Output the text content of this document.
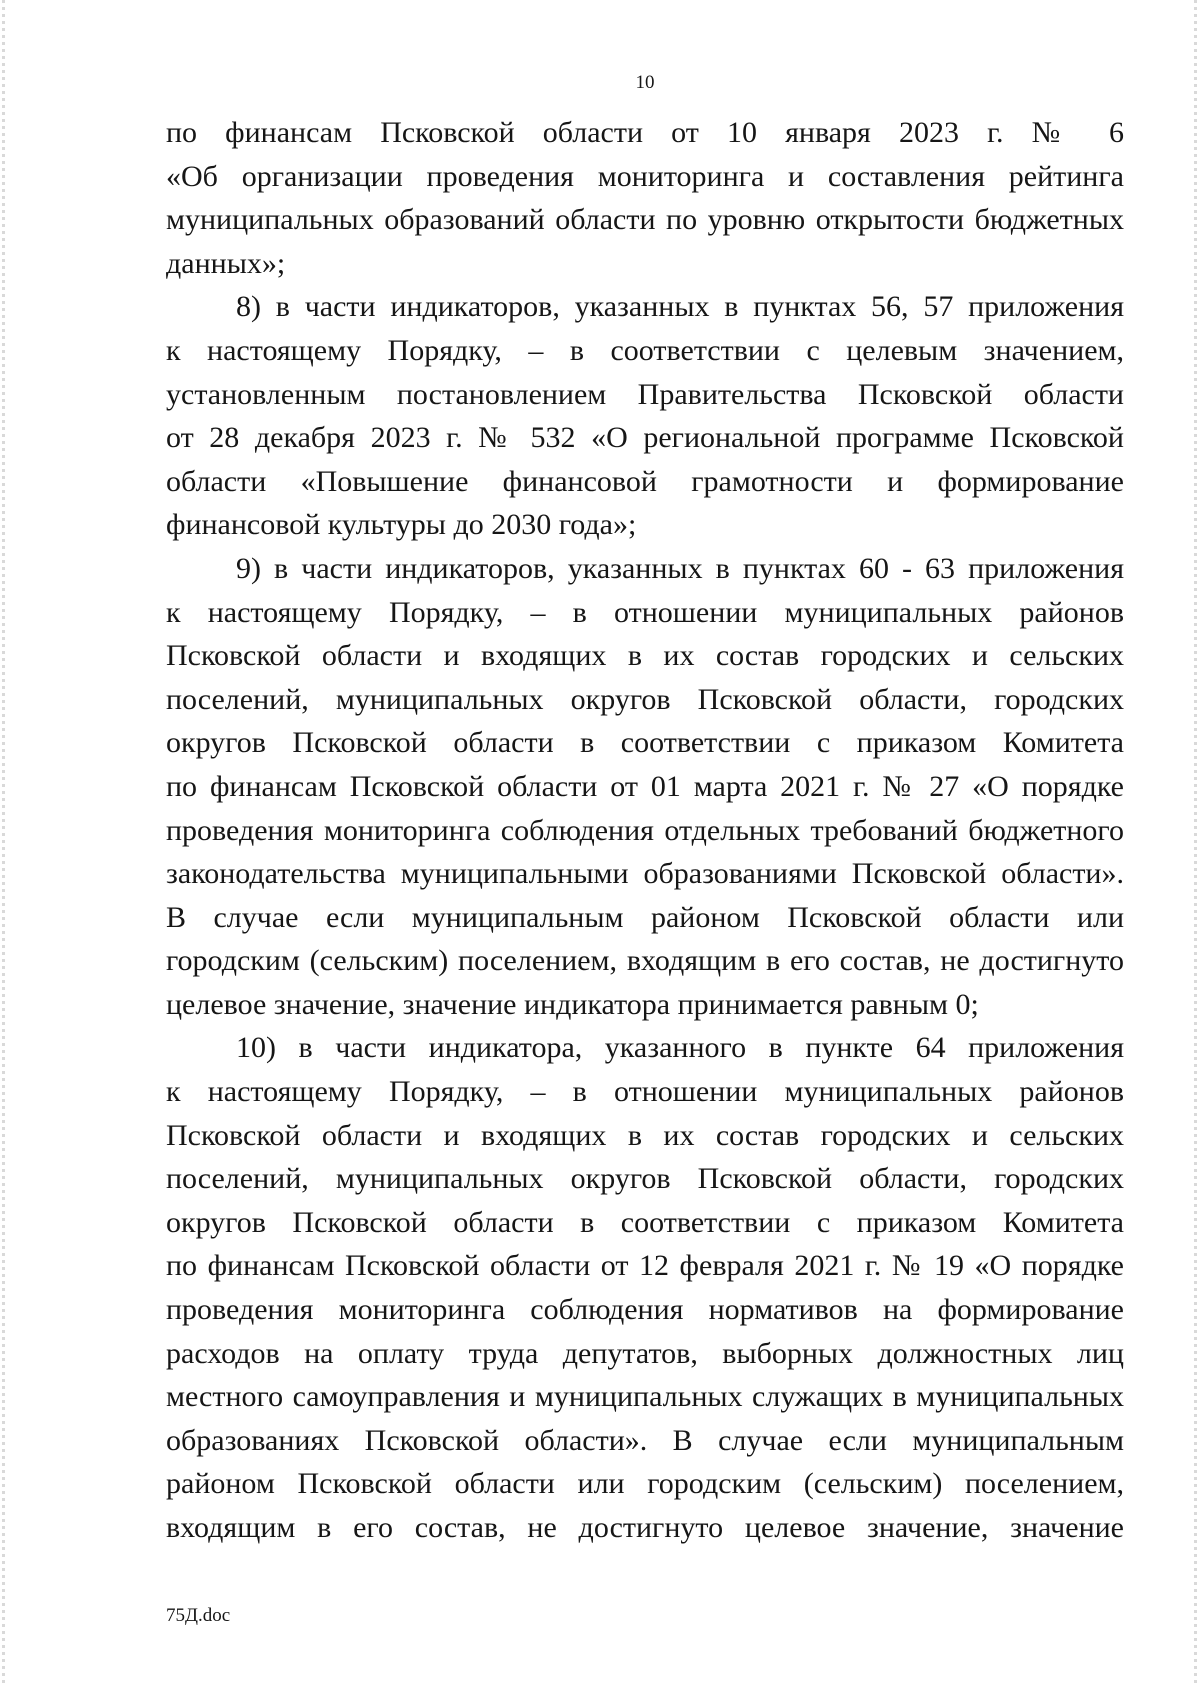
10

по финансам Псковской области от 10 января 2023 г. № 6
«Об организации проведения мониторинга и составления рейтинга
муниципальных образований области по уровню открытости бюджетных
данных»;

8) в части индикаторов, указанных в пунктах 56, 57 приложения
к настоящему Порядку, – в соответствии с целевым значением,
установленным постановлением Правительства Псковской области
от 28 декабря 2023 г. № 532 «О региональной программе Псковской
области «Повышение финансовой грамотности и формирование
финансовой культуры до 2030 года»;

9) в части индикаторов, указанных в пунктах 60 - 63 приложения
к настоящему Порядку, – в отношении муниципальных районов
Псковской области и входящих в их состав городских и сельских
поселений, муниципальных округов Псковской области, городских
округов Псковской области в соответствии с приказом Комитета
по финансам Псковской области от 01 марта 2021 г. № 27 «О порядке
проведения мониторинга соблюдения отдельных требований бюджетного
законодательства муниципальными образованиями Псковской области».
В случае если муниципальным районом Псковской области или
городским (сельским) поселением, входящим в его состав, не достигнуто
целевое значение, значение индикатора принимается равным 0;

10) в части индикатора, указанного в пункте 64 приложения
к настоящему Порядку, – в отношении муниципальных районов
Псковской области и входящих в их состав городских и сельских
поселений, муниципальных округов Псковской области, городских
округов Псковской области в соответствии с приказом Комитета
по финансам Псковской области от 12 февраля 2021 г. № 19 «О порядке
проведения мониторинга соблюдения нормативов на формирование
расходов на оплату труда депутатов, выборных должностных лиц
местного самоуправления и муниципальных служащих в муниципальных
образованиях Псковской области». В случае если муниципальным
районом Псковской области или городским (сельским) поселением,
входящим в его состав, не достигнуто целевое значение, значение

75Д.doc
